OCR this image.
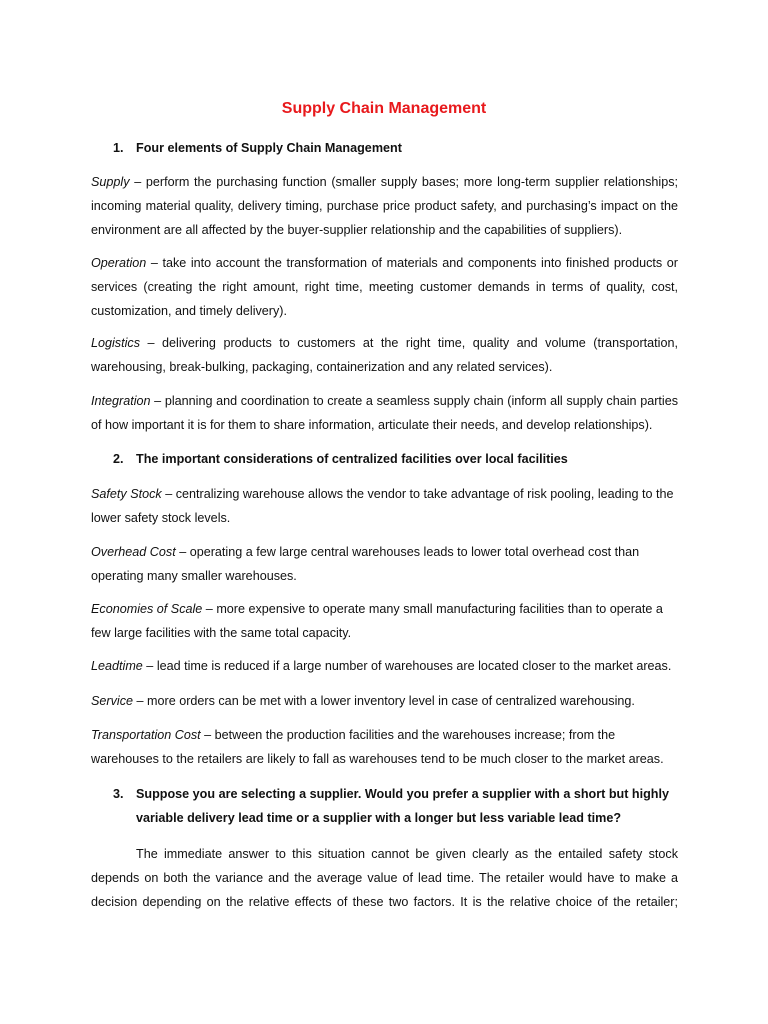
Supply Chain Management
1. Four elements of Supply Chain Management
Supply – perform the purchasing function (smaller supply bases; more long-term supplier relationships; incoming material quality, delivery timing, purchase price product safety, and purchasing’s impact on the environment are all affected by the buyer-supplier relationship and the capabilities of suppliers).
Operation – take into account the transformation of materials and components into finished products or services (creating the right amount, right time, meeting customer demands in terms of quality, cost, customization, and timely delivery).
Logistics – delivering products to customers at the right time, quality and volume (transportation, warehousing, break-bulking, packaging, containerization and any related services).
Integration – planning and coordination to create a seamless supply chain (inform all supply chain parties of how important it is for them to share information, articulate their needs, and develop relationships).
2. The important considerations of centralized facilities over local facilities
Safety Stock – centralizing warehouse allows the vendor to take advantage of risk pooling, leading to the lower safety stock levels.
Overhead Cost – operating a few large central warehouses leads to lower total overhead cost than operating many smaller warehouses.
Economies of Scale – more expensive to operate many small manufacturing facilities than to operate a few large facilities with the same total capacity.
Leadtime – lead time is reduced if a large number of warehouses are located closer to the market areas.
Service – more orders can be met with a lower inventory level in case of centralized warehousing.
Transportation Cost – between the production facilities and the warehouses increase; from the warehouses to the retailers are likely to fall as warehouses tend to be much closer to the market areas.
3. Suppose you are selecting a supplier. Would you prefer a supplier with a short but highly variable delivery lead time or a supplier with a longer but less variable lead time?
The immediate answer to this situation cannot be given clearly as the entailed safety stock depends on both the variance and the average value of lead time. The retailer would have to make a decision depending on the relative effects of these two factors. It is the relative choice of the retailer;
